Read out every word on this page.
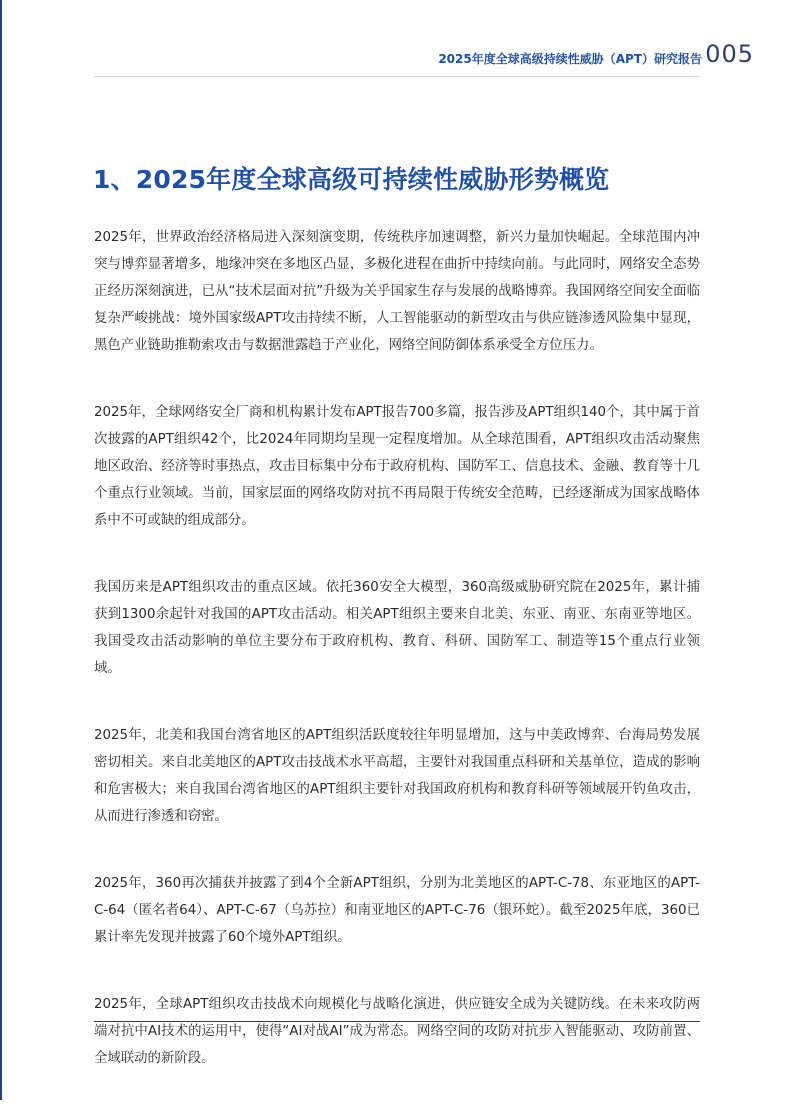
2025年度全球高级持续性威胁（APT）研究报告 005
1、2025年度全球高级可持续性威胁形势概览

2025年，世界政治经济格局进入深刻演变期，传统秩序加速调整，新兴力量加快崛起。全球范围内冲突与博弈显著增多，地缘冲突在多地区凸显，多极化进程在曲折中持续向前。与此同时，网络安全态势正经历深刻演进，已从“技术层面对抗”升级为关乎国家生存与发展的战略博弈。我国网络空间安全面临复杂严峻挑战：境外国家级APT攻击持续不断，人工智能驱动的新型攻击与供应链渗透风险集中显现，黑色产业链助推勒索攻击与数据泄露趋于产业化，网络空间防御体系承受全方位压力。

2025年，全球网络安全厂商和机构累计发布APT报告700多篇，报告涉及APT组织140个，其中属于首次披露的APT组织42个，比2024年同期均呈现一定程度增加。从全球范围看，APT组织攻击活动聚焦地区政治、经济等时事热点，攻击目标集中分布于政府机构、国防军工、信息技术、金融、教育等十几个重点行业领域。当前，国家层面的网络攻防对抗不再局限于传统安全范畴，已经逐渐成为国家战略体系中不可或缺的组成部分。

我国历来是APT组织攻击的重点区域。依托360安全大模型，360高级威胁研究院在2025年，累计捕获到1300余起针对我国的APT攻击活动。相关APT组织主要来自北美、东亚、南亚、东南亚等地区。我国受攻击活动影响的单位主要分布于政府机构、教育、科研、国防军工、制造等15个重点行业领域。

2025年，北美和我国台湾省地区的APT组织活跃度较往年明显增加，这与中美政博弈、台海局势发展密切相关。来自北美地区的APT攻击技战术水平高超，主要针对我国重点科研和关基单位，造成的影响和危害极大；来自我国台湾省地区的APT组织主要针对我国政府机构和教育科研等领域展开钓鱼攻击，从而进行渗透和窃密。

2025年，360再次捕获并披露了到4个全新APT组织，分别为北美地区的APT-C-78、东亚地区的APT-C-64（匿名者64）、APT-C-67（乌苏拉）和南亚地区的APT-C-76（银环蛇）。截至2025年底，360已累计率先发现并披露了60个境外APT组织。

2025年，全球APT组织攻击技战术向规模化与战略化演进，供应链安全成为关键防线。在未来攻防两端对抗中AI技术的运用中，使得“AI对战AI”成为常态。网络空间的攻防对抗步入智能驱动、攻防前置、全域联动的新阶段。
